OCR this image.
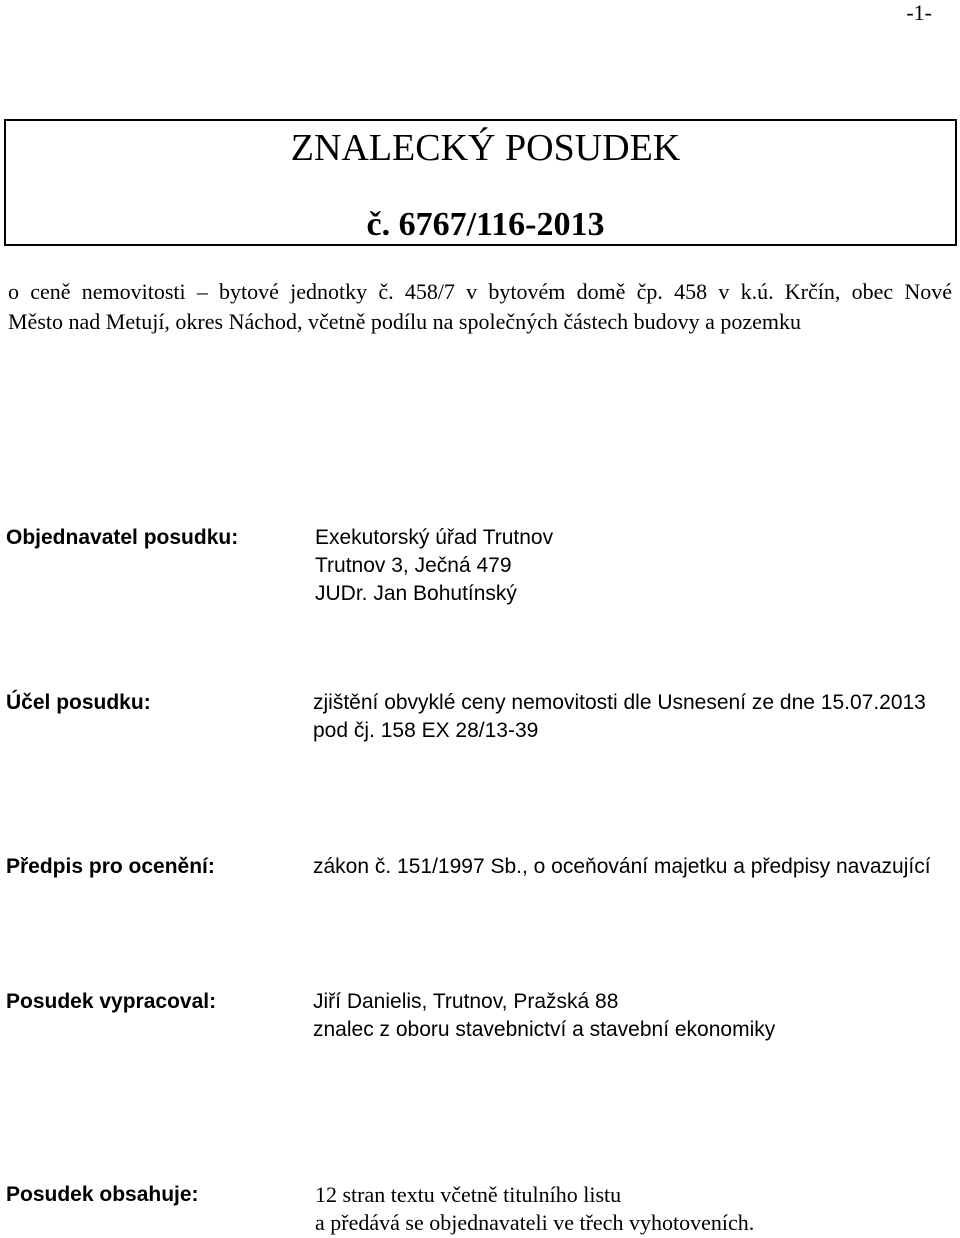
-1-
ZNALECKÝ POSUDEK
č. 6767/116-2013
o ceně nemovitosti – bytové jednotky č. 458/7 v bytovém domě čp. 458 v k.ú. Krčín, obec Nové
Město nad Metují, okres Náchod, včetně podílu na společných částech budovy a pozemku
Objednavatel posudku:	Exekutorský úřad Trutnov
Trutnov 3, Ječná 479
JUDr. Jan Bohutínský
Účel posudku:	zjištění obvyklé ceny nemovitosti dle Usnesení ze dne 15.07.2013
pod čj. 158 EX 28/13-39
Předpis pro ocenění:	zákon č. 151/1997 Sb., o oceňování majetku a předpisy navazující
Posudek vypracoval:	Jiří Danielis, Trutnov, Pražská 88
znalec z oboru stavebnictví a stavební ekonomiky
Posudek obsahuje:	12 stran textu včetně titulního listu
a předává se objednavateli ve třech vyhotoveních.
